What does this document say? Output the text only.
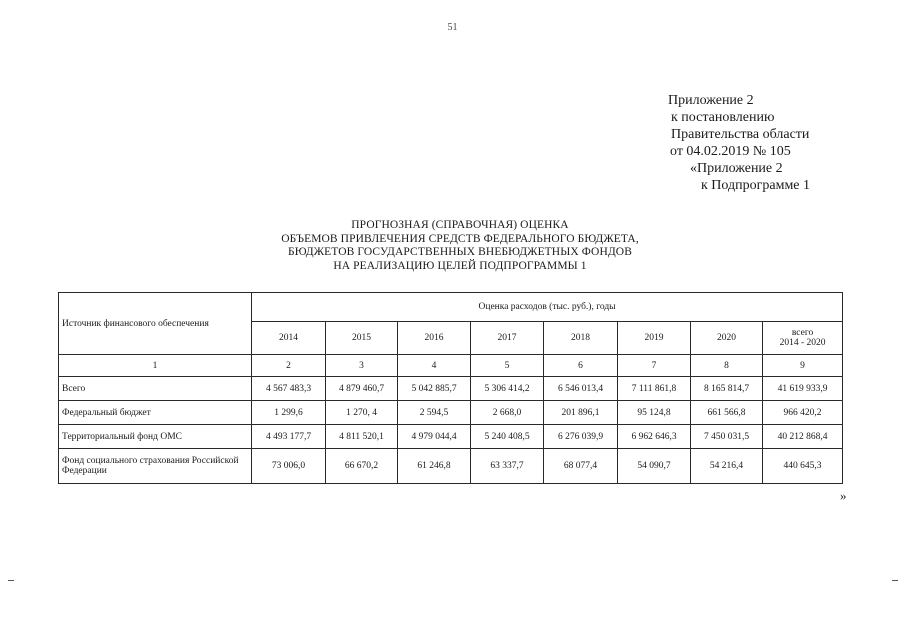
51
Приложение 2
к постановлению
Правительства области
от 04.02.2019 № 105
«Приложение 2
к Подпрограмме 1
ПРОГНОЗНАЯ (СПРАВОЧНАЯ) ОЦЕНКА
ОБЪЕМОВ ПРИВЛЕЧЕНИЯ СРЕДСТВ ФЕДЕРАЛЬНОГО БЮДЖЕТА,
БЮДЖЕТОВ ГОСУДАРСТВЕННЫХ ВНЕБЮДЖЕТНЫХ ФОНДОВ
НА РЕАЛИЗАЦИЮ ЦЕЛЕЙ ПОДПРОГРАММЫ 1
Источник финансового обеспечения	Оценка расходов (тыс. руб.), годы							
	2014	2015	2016	2017	2018	2019	2020	всего
2014 - 2020

1	2	3	4	5	6	7	8	9
Всего	4 567 483,3	4 879 460,7	5 042 885,7	5 306 414,2	6 546 013,4	7 111 861,8	8 165 814,7	41 619 933,9
Федеральный бюджет	1 299,6	1 270, 4	2 594,5	2 668,0	201 896,1	95 124,8	661 566,8	966 420,2
Территориальный фонд ОМС	4 493 177,7	4 811 520,1	4 979 044,4	5 240 408,5	6 276 039,9	6 962 646,3	7 450 031,5	40 212 868,4
Фонд социального страхования Российской Федерации	73 006,0	66 670,2	61 246,8	63 337,7	68 077,4	54 090,7	54 216,4	440 645,3
»
